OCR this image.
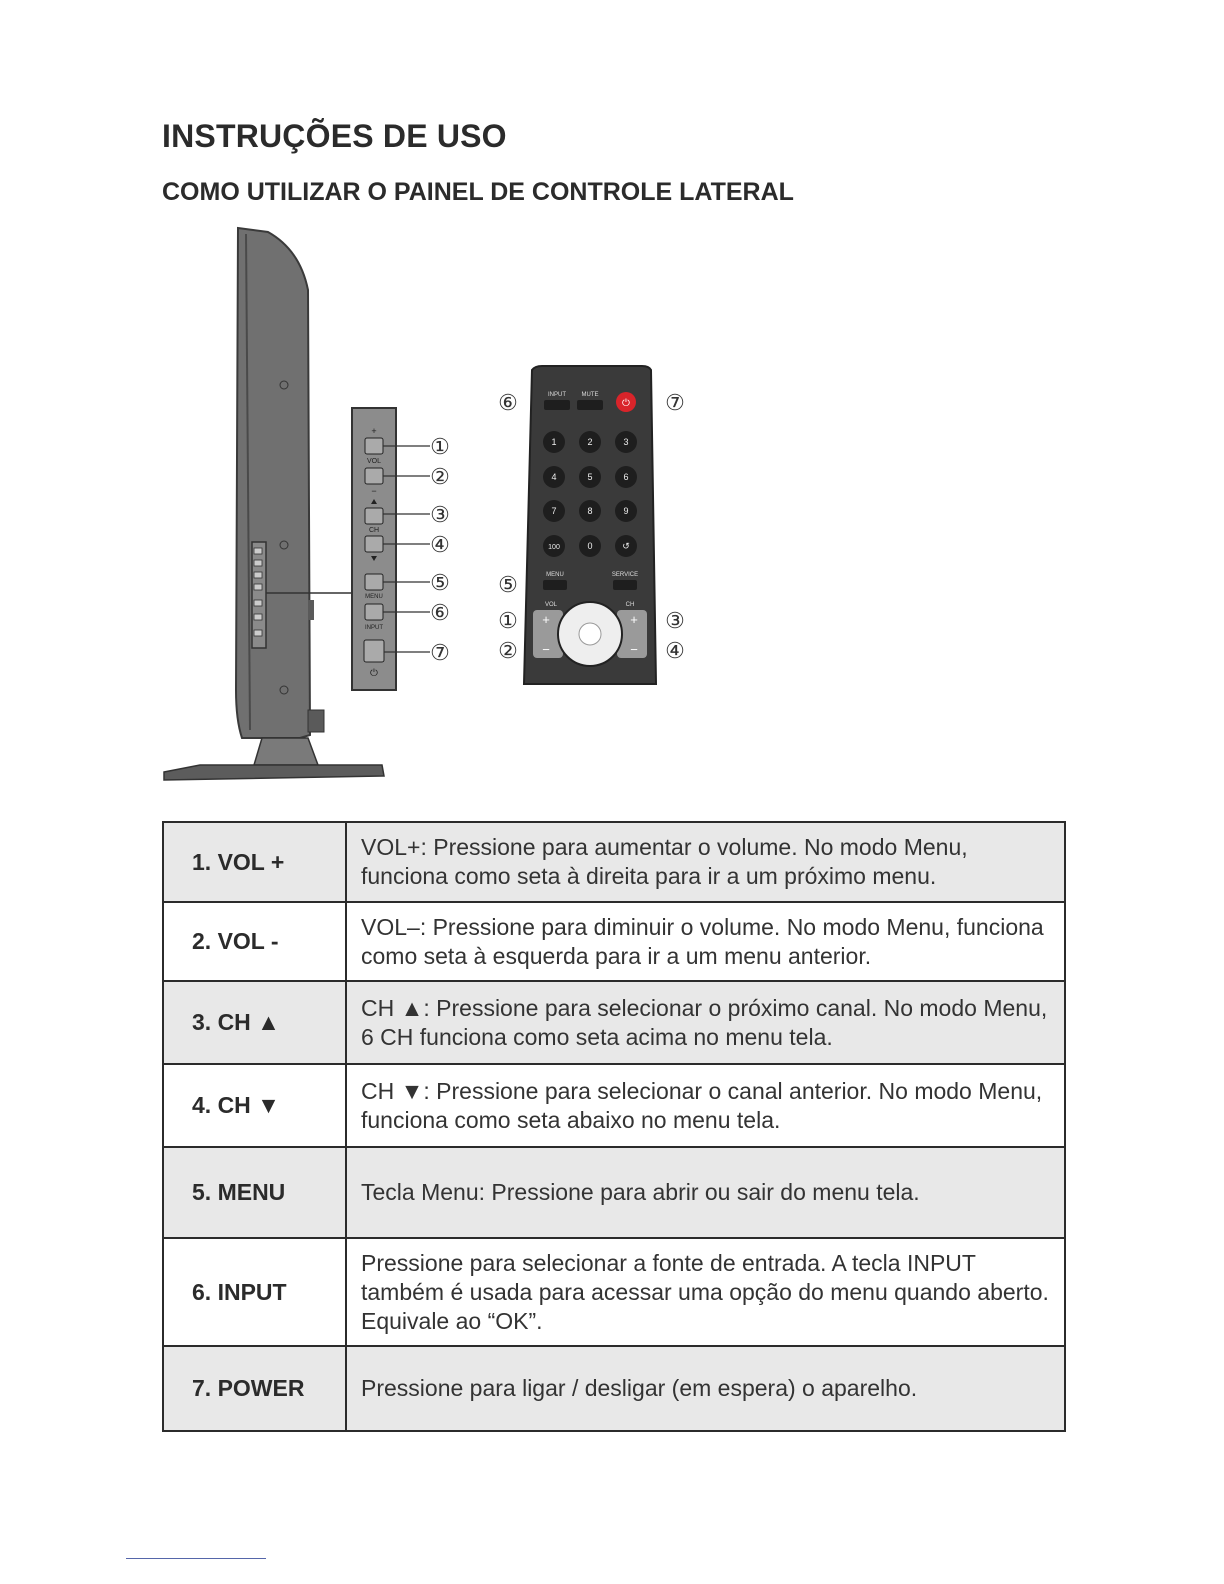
INSTRUÇÕES DE USO
COMO UTILIZAR O PAINEL DE CONTROLE LATERAL
+
VOL
−
CH
MENU
INPUT
⏻
①
②
③
④
⑤
⑥
⑦
INPUT	MUTE
⏻
1	2	3
4	5	6
7	8	9
100	0	↺
MENU	SERVICE
VOL	CH
+
−
+
−
⑥	⑦
⑤
①
②
③
④
1. VOL +	VOL+: Pressione para aumentar o volume. No modo Menu, funciona como seta à direita para ir a um próximo menu.
2. VOL -	VOL–: Pressione para diminuir o volume. No modo Menu, funciona como seta à esquerda para ir a um menu anterior.
3. CH ▲	CH ▲: Pressione para selecionar o próximo canal. No modo Menu, 6 CH funciona como seta acima no menu tela.
4. CH ▼	CH ▼: Pressione para selecionar o canal anterior. No modo Menu, funciona como seta abaixo no menu tela.
5. MENU	Tecla Menu: Pressione para abrir ou sair do menu tela.
6. INPUT	Pressione para selecionar a fonte de entrada. A tecla INPUT também é usada para acessar uma opção do menu quando aberto. Equivale ao “OK”.
7. POWER	Pressione para ligar / desligar (em espera) o aparelho.
